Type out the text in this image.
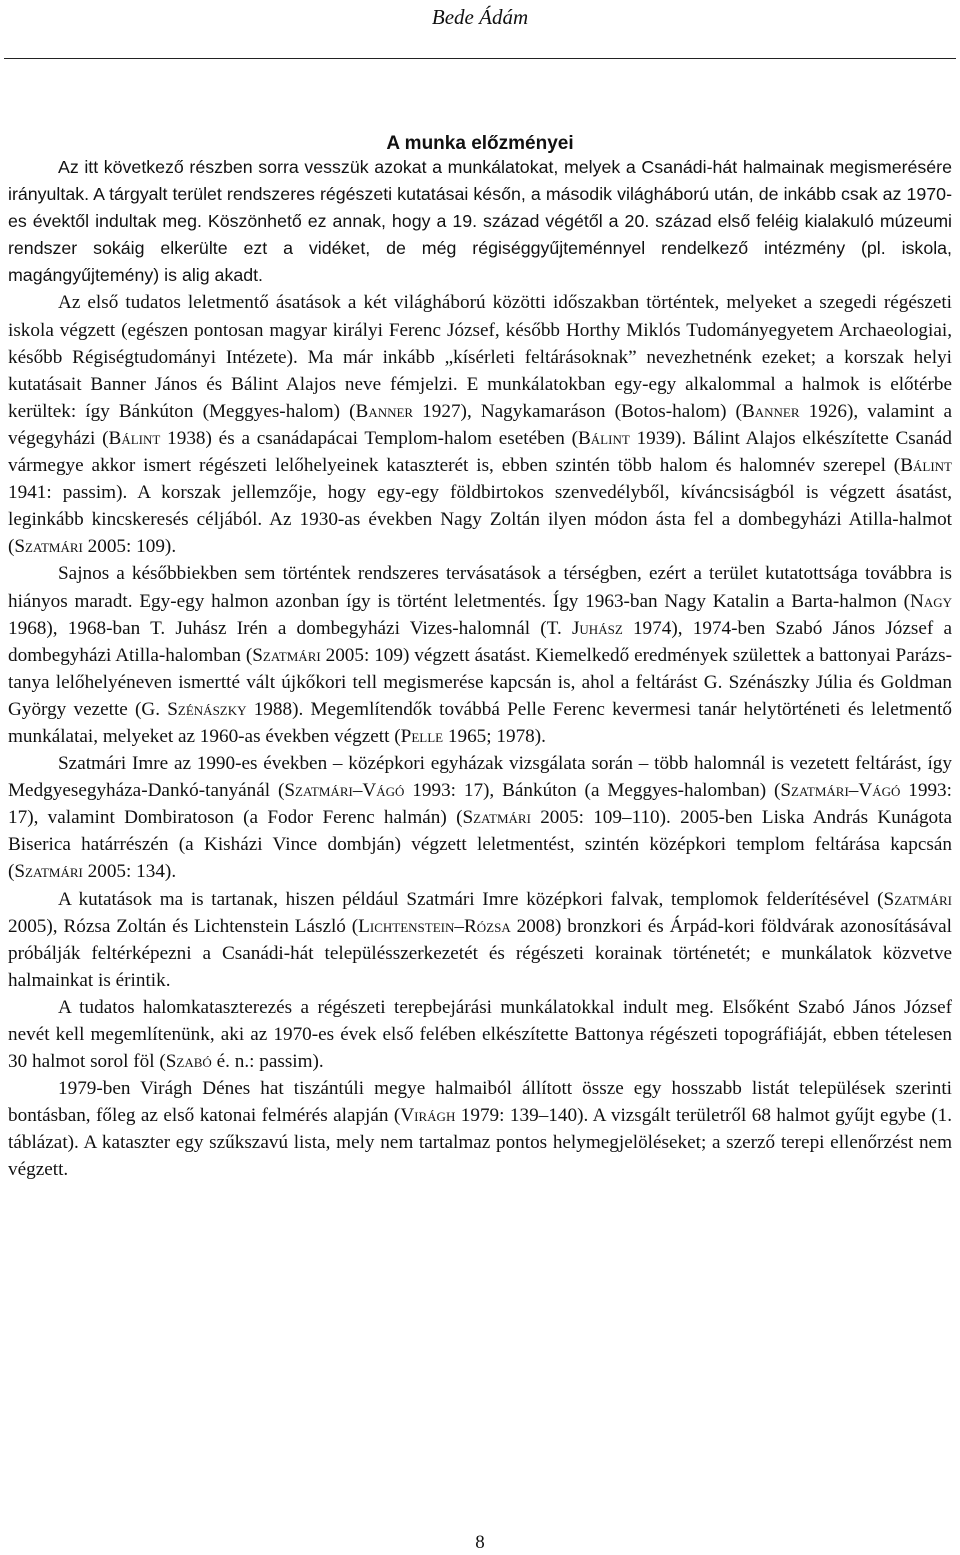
Bede Ádám
A munka előzményei

Az itt következő részben sorra vesszük azokat a munkálatokat, melyek a Csanádi-hát halmainak megismerésére irányultak. A tárgyalt terület rendszeres régészeti kutatásai későn, a második világháború után, de inkább csak az 1970-es évektől indultak meg. Köszönhető ez annak, hogy a 19. század végétől a 20. század első feléig kialakuló múzeumi rendszer sokáig elkerülte ezt a vidéket, de még régiséggyűjteménnyel rendelkező intézmény (pl. iskola, magángyűjtemény) is alig akadt.

Az első tudatos leletmentő ásatások a két világháború közötti időszakban történtek, melyeket a szegedi régészeti iskola végzett (egészen pontosan magyar királyi Ferenc József, később Horthy Miklós Tudományegyetem Archaeologiai, később Régiségtudományi Intézete). Ma már inkább „kísérleti feltárásoknak” nevezhetnénk ezeket; a korszak helyi kutatásait Banner János és Bálint Alajos neve fémjelzi. E munkálatokban egy-egy alkalommal a halmok is előtérbe kerültek: így Bánkúton (Meggyes-halom) (Banner 1927), Nagykamaráson (Botos-halom) (Banner 1926), valamint a végegyházi (Bálint 1938) és a csanádapácai Templom-halom esetében (Bálint 1939). Bálint Alajos elkészítette Csanád vármegye akkor ismert régészeti lelőhelyeinek kataszterét is, ebben szintén több halom és halomnév szerepel (Bálint 1941: passim). A korszak jellemzője, hogy egy-egy földbirtokos szenvedélyből, kíváncsiságból is végzett ásatást, leginkább kincskeresés céljából. Az 1930-as években Nagy Zoltán ilyen módon ásta fel a dombegyházi Atilla-halmot (Szatmári 2005: 109).

Sajnos a későbbiekben sem történtek rendszeres tervásatások a térségben, ezért a terület kutatottsága továbbra is hiányos maradt. Egy-egy halmon azonban így is történt leletmentés. Így 1963-ban Nagy Katalin a Barta-halmon (Nagy 1968), 1968-ban T. Juhász Irén a dombegyházi Vizes-halomnál (T. Juhász 1974), 1974-ben Szabó János József a dombegyházi Atilla-halomban (Szatmári 2005: 109) végzett ásatást. Kiemelkedő eredmények születtek a battonyai Parázs-tanya lelőhelyéneven ismertté vált újkőkori tell megismerése kapcsán is, ahol a feltárást G. Szénászky Júlia és Goldman György vezette (G. Szénászky 1988). Megemlítendők továbbá Pelle Ferenc kevermesi tanár helytörténeti és leletmentő munkálatai, melyeket az 1960-as években végzett (Pelle 1965; 1978).

Szatmári Imre az 1990-es években – középkori egyházak vizsgálata során – több halomnál is vezetett feltárást, így Medgyesegyháza-Dankó-tanyánál (Szatmári–Vágó 1993: 17), Bánkúton (a Meggyes-halomban) (Szatmári–Vágó 1993: 17), valamint Dombiratoson (a Fodor Ferenc halmán) (Szatmári 2005: 109–110). 2005-ben Liska András Kunágota Biserica határrészén (a Kisházi Vince dombján) végzett leletmentést, szintén középkori templom feltárása kapcsán (Szatmári 2005: 134).

A kutatások ma is tartanak, hiszen például Szatmári Imre középkori falvak, templomok felderítésével (Szatmári 2005), Rózsa Zoltán és Lichtenstein László (Lichtenstein–Rózsa 2008) bronzkori és Árpád-kori földvárak azonosításával próbálják feltérképezni a Csanádi-hát településszerkezetét és régészeti korainak történetét; e munkálatok közvetve halmainkat is érintik.

A tudatos halomkataszterezés a régészeti terepbejárási munkálatokkal indult meg. Elsőként Szabó János József nevét kell megemlítenünk, aki az 1970-es évek első felében elkészítette Battonya régészeti topográfiáját, ebben tételesen 30 halmot sorol föl (Szabó é. n.: passim).

1979-ben Virágh Dénes hat tiszántúli megye halmaiból állított össze egy hosszabb listát települések szerinti bontásban, főleg az első katonai felmérés alapján (Virágh 1979: 139–140). A vizsgált területről 68 halmot gyűjt egybe (1. táblázat). A kataszter egy szűkszavú lista, mely nem tartalmaz pontos helymegjelöléseket; a szerző terepi ellenőrzést nem végzett.

8
